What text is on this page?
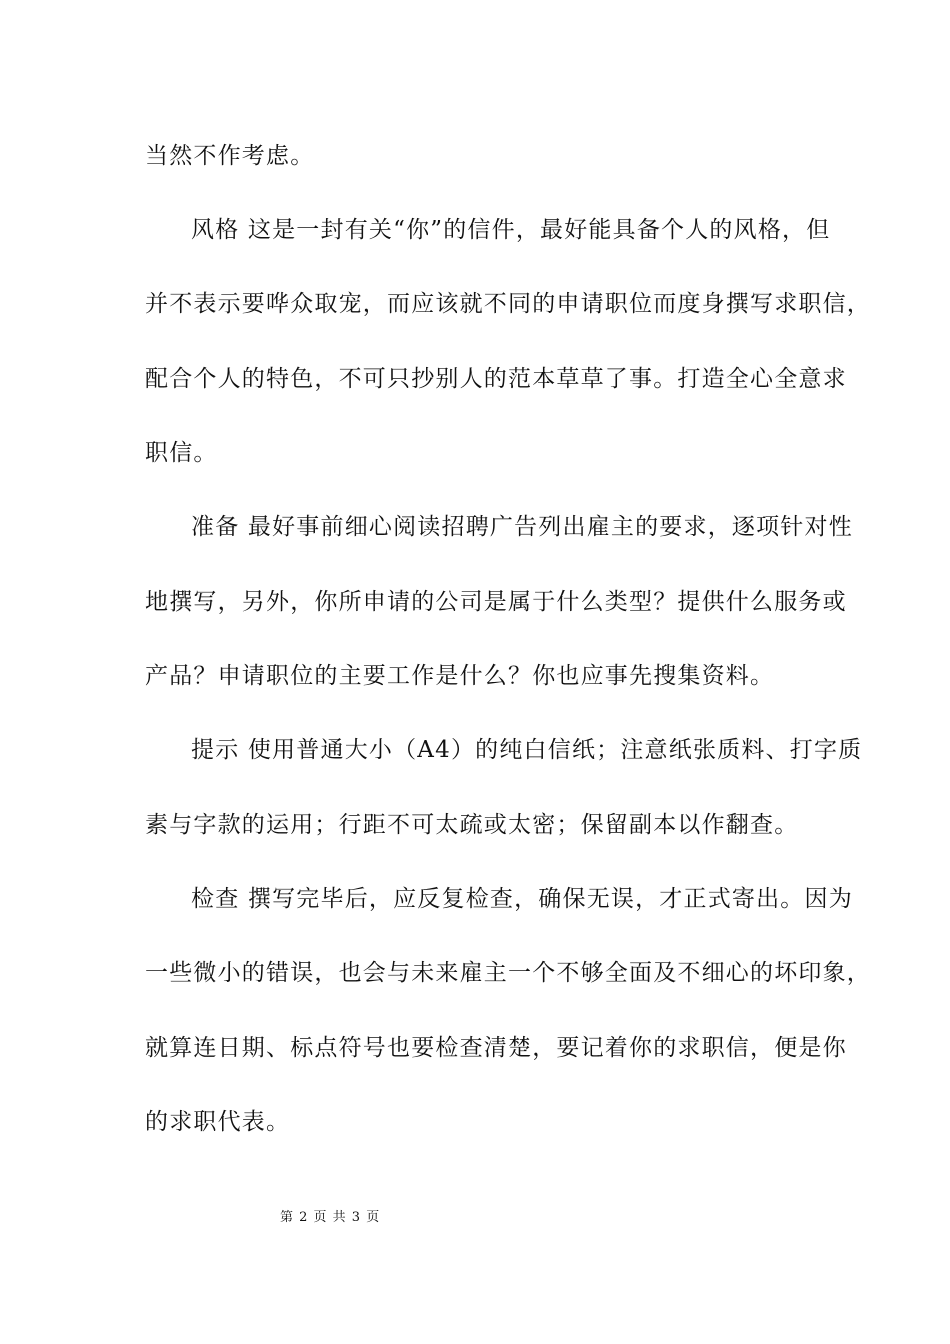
当然不作考虑。
风格 这是一封有关“你”的信件，最好能具备个人的风格，但
并不表示要哗众取宠，而应该就不同的申请职位而度身撰写求职信，
配合个人的特色，不可只抄别人的范本草草了事。打造全心全意求
职信。
准备 最好事前细心阅读招聘广告列出雇主的要求，逐项针对性
地撰写，另外，你所申请的公司是属于什么类型？提供什么服务或
产品？申请职位的主要工作是什么？你也应事先搜集资料。
提示 使用普通大小（A4）的纯白信纸；注意纸张质料、打字质
素与字款的运用；行距不可太疏或太密；保留副本以作翻查。
检查 撰写完毕后，应反复检查，确保无误，才正式寄出。因为
一些微小的错误，也会与未来雇主一个不够全面及不细心的坏印象，
就算连日期、标点符号也要检查清楚，要记着你的求职信，便是你
的求职代表。
第 2 页 共 3 页
